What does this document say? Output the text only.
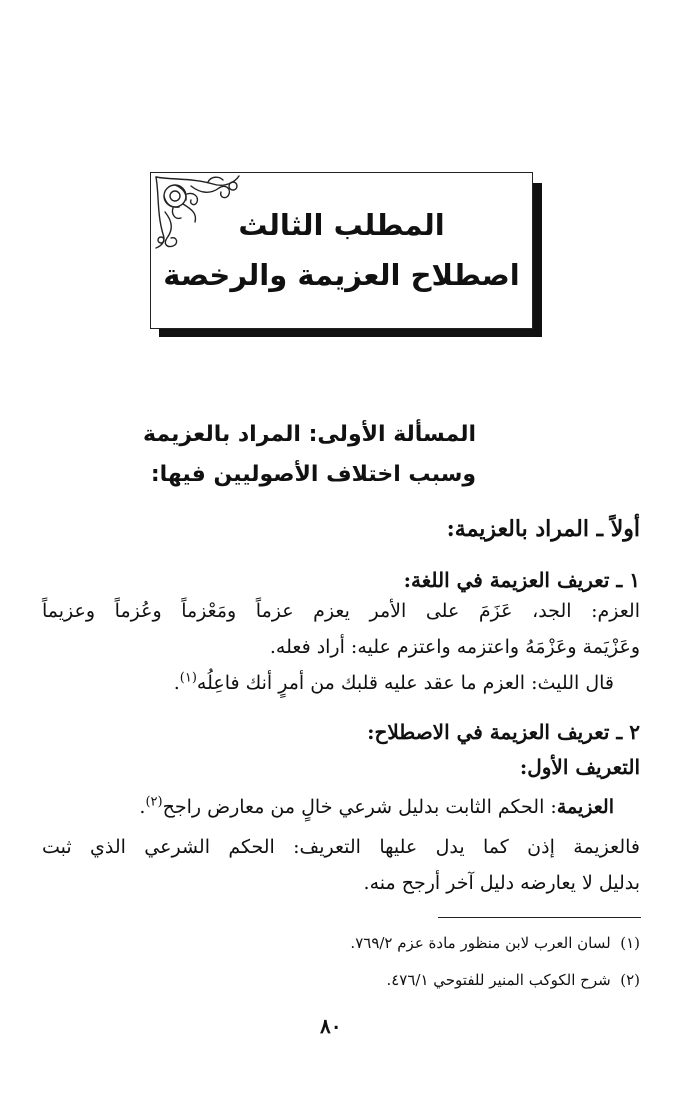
المطلب الثالث
اصطلاح العزيمة والرخصة
المسألة الأولى: المراد بالعزيمة
وسبب اختلاف الأصوليين فيها:
أولاً ـ المراد بالعزيمة:
١ ـ تعريف العزيمة في اللغة:
العزم: الجد، عَزَمَ على الأمر يعزم عزماً ومَعْزماً وعُزماً وعزيماً
وعَزْيَمة وعَزْمَهُ واعتزمه واعتزم عليه: أراد فعله.
قال الليث: العزم ما عقد عليه قلبك من أمرٍ أنك فاعِلُه$^{(١)}$.
٢ ـ تعريف العزيمة في الاصطلاح:
التعريف الأول:
العزيمة: الحكم الثابت بدليل شرعي خالٍ من معارض راجح$^{(٢)}$.
فالعزيمة إذن كما يدل عليها التعريف: الحكم الشرعي الذي ثبت
بدليل لا يعارضه دليل آخر أرجح منه.
(١)  لسان العرب لابن منظور مادة عزم ٧٦٩/٢.
(٢)  شرح الكوكب المنير للفتوحي ٤٧٦/١.
٨٠
